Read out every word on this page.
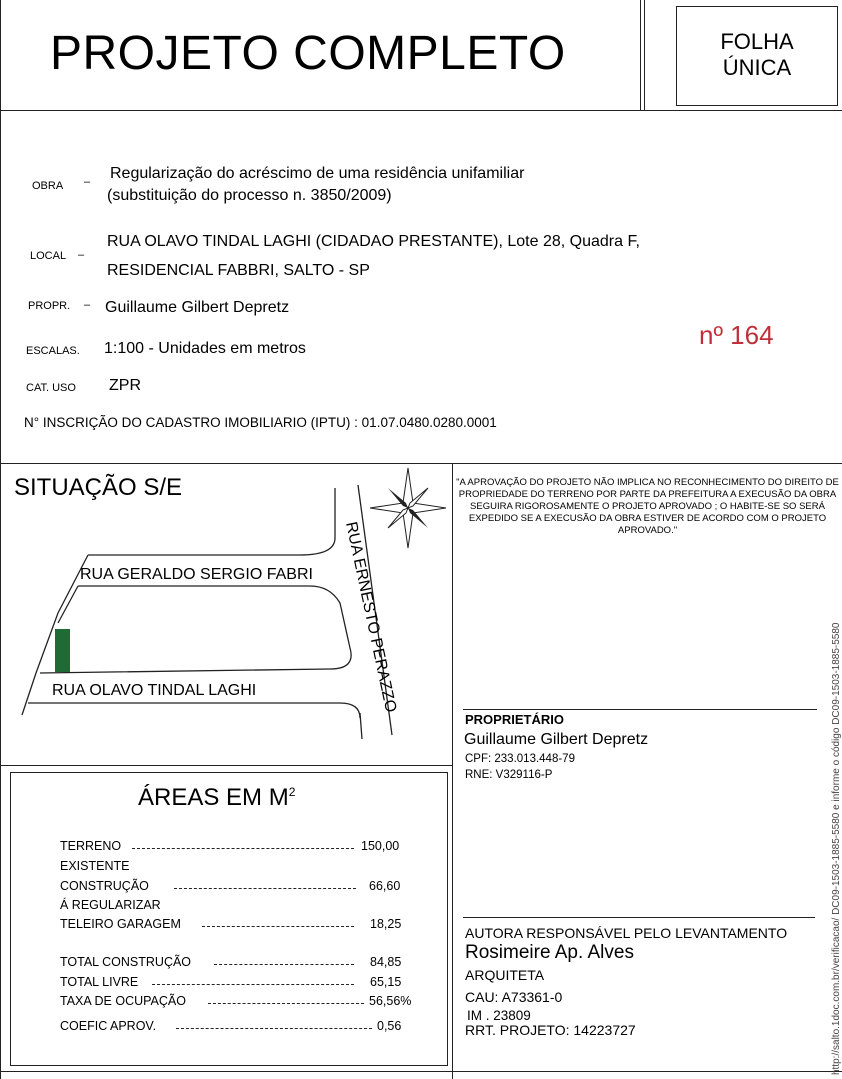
PROJETO COMPLETO	FOLHA
ÚNICA
OBRA – Regularização do acréscimo de uma residência unifamiliar
(substituição do processo n. 3850/2009)
LOCAL –
RUA OLAVO TINDAL LAGHI (CIDADAO PRESTANTE), Lote 28, Quadra F,
RESIDENCIAL FABBRI, SALTO - SP
PROPR. – Guillaume Gilbert Depretz
ESCALAS. 1:100 - Unidades em metros
CAT. USO ZPR
N° INSCRIÇÃO DO CADASTRO IMOBILIARIO (IPTU) : 01.07.0480.0280.0001
nº 164
SITUAÇÃO S/E
RUA GERALDO SERGIO FABRI
RUA OLAVO TINDAL LAGHI	RUA ERNESTO PERAZZO
"A APROVAÇÃO DO PROJETO NÃO IMPLICA NO RECONHECIMENTO DO DIREITO DE PROPRIEDADE DO TERRENO POR PARTE DA PREFEITURA A EXECUSÃO DA OBRA SEGUIRA RIGOROSAMENTE O PROJETO APROVADO ; O HABITE-SE SO SERÁ EXPEDIDO SE A EXECUSÃO DA OBRA ESTIVER DE ACORDO COM O PROJETO APROVADO."
PROPRIETÁRIO
Guillaume Gilbert Depretz
CPF: 233.013.448-79
RNE: V329116-P
AUTORA RESPONSÁVEL PELO LEVANTAMENTO
Rosimeire Ap. Alves
ARQUITETA
CAU: A73361-0
IM . 23809
RRT. PROJETO: 14223727	http://salto.1doc.com.br/verificacao/ DC09-1503-1885-5580 e informe o código DC09-1503-1885-5580
ÁREAS EM $M^2$
TERRENO	150,00
EXISTENTE
CONSTRUÇÃO	66,60
Á REGULARIZAR
TELEIRO GARAGEM	18,25
TOTAL CONSTRUÇÃO	84,85
TOTAL LIVRE	65,15
TAXA DE OCUPAÇÃO	56,56%
COEFIC APROV.	0,56
